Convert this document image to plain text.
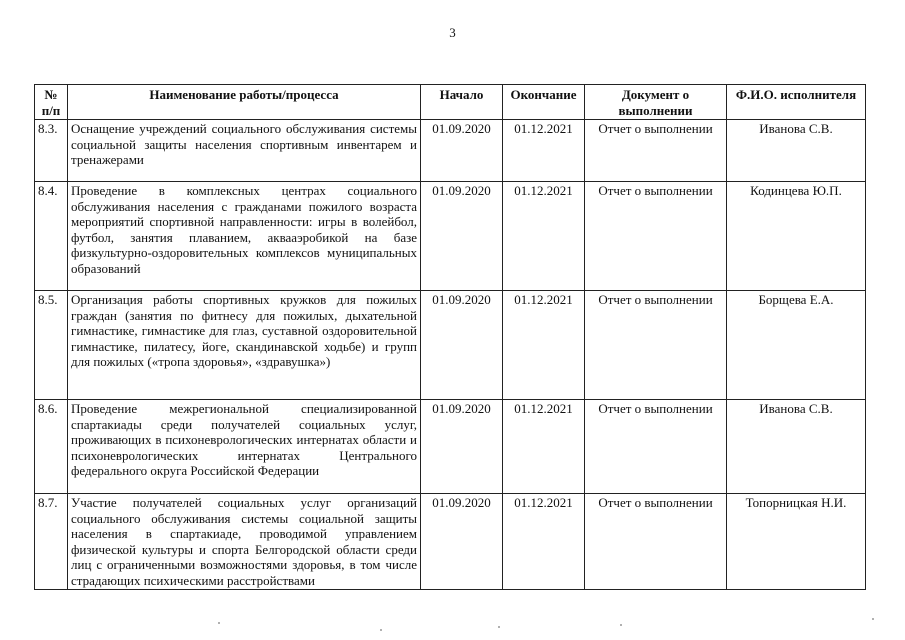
3
№ п/п	Наименование работы/процесса	Начало	Окончание	Документ о выполнении	Ф.И.О. исполнителя
8.3.	Оснащение учреждений социального обслуживания системы социальной защиты населения спортивным инвентарем и тренажерами	01.09.2020	01.12.2021	Отчет о выполнении	Иванова С.В.
8.4.	Проведение в комплексных центрах социального обслуживания населения с гражданами пожилого возраста мероприятий спортивной направленности: игры в волейбол, футбол, занятия плаванием, аквааэробикой на базе физкультурно-оздоровительных комплексов муниципальных образований	01.09.2020	01.12.2021	Отчет о выполнении	Кодинцева Ю.П.
8.5.	Организация работы спортивных кружков для пожилых граждан (занятия по фитнесу для пожилых, дыхательной гимнастике, гимнастике для глаз, суставной оздоровительной гимнастике, пилатесу, йоге, скандинавской ходьбе) и групп для пожилых («тропа здоровья», «здравушка»)	01.09.2020	01.12.2021	Отчет о выполнении	Борщева Е.А.
8.6.	Проведение межрегиональной специализированной спартакиады среди получателей социальных услуг, проживающих в психоневрологических интернатах области и психоневрологических интернатах Центрального федерального округа Российской Федерации	01.09.2020	01.12.2021	Отчет о выполнении	Иванова С.В.
8.7.	Участие получателей социальных услуг организаций социального обслуживания системы социальной защиты населения в спартакиаде, проводимой управлением физической культуры и спорта Белгородской области среди лиц с ограниченными возможностями здоровья, в том числе страдающих психическими расстройствами	01.09.2020	01.12.2021	Отчет о выполнении	Топорницкая Н.И.
